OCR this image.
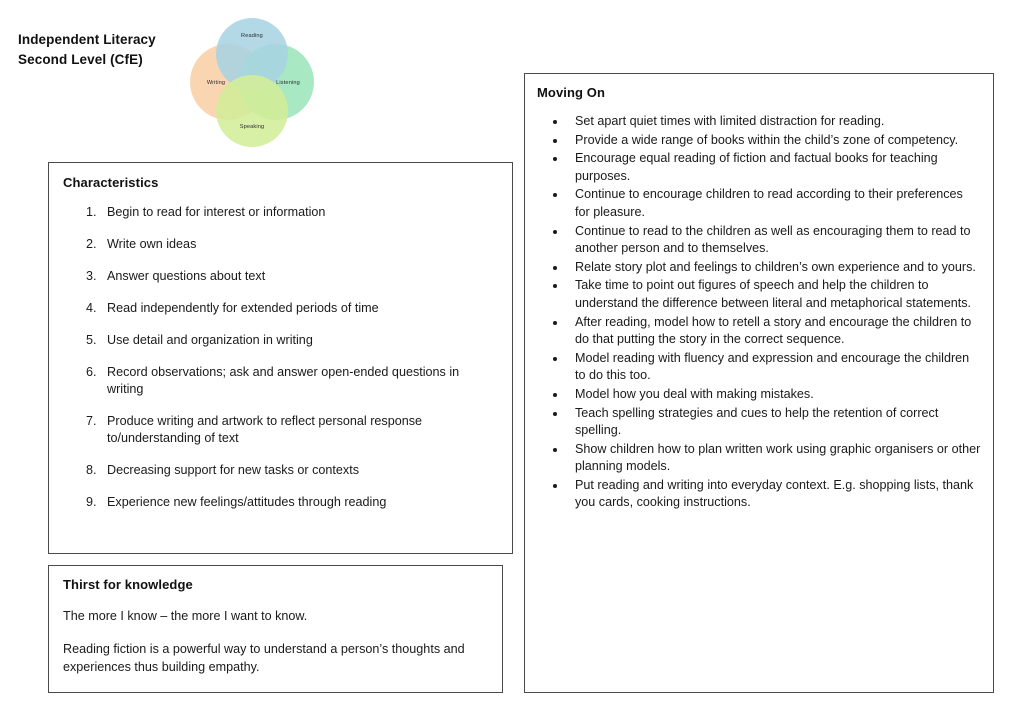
Independent Literacy
Second Level (CfE)
Reading
Writing	Listening
Speaking
Characteristics
1. Begin to read for interest or information
2. Write own ideas
3. Answer questions about text
4. Read independently for extended periods of time
5. Use detail and organization in writing
6. Record observations; ask and answer open-ended questions in writing
7. Produce writing and artwork to reflect personal response to/understanding of text
8. Decreasing support for new tasks or contexts
9. Experience new feelings/attitudes through reading
Thirst for knowledge

The more I know – the more I want to know.

Reading fiction is a powerful way to understand a person’s thoughts and experiences thus building empathy.

Moving On
• Set apart quiet times with limited distraction for reading.
• Provide a wide range of books within the child’s zone of competency.
• Encourage equal reading of fiction and factual books for teaching purposes.
• Continue to encourage children to read according to their preferences for pleasure.
• Continue to read to the children as well as encouraging them to read to another person and to themselves.
• Relate story plot and feelings to children’s own experience and to yours.
• Take time to point out figures of speech and help the children to understand the difference between literal and metaphorical statements.
• After reading, model how to retell a story and encourage the children to do that putting the story in the correct sequence.
• Model reading with fluency and expression and encourage the children to do this too.
• Model how you deal with making mistakes.
• Teach spelling strategies and cues to help the retention of correct spelling.
• Show children how to plan written work using graphic organisers or other planning models.
• Put reading and writing into everyday context. E.g. shopping lists, thank you cards, cooking instructions.
